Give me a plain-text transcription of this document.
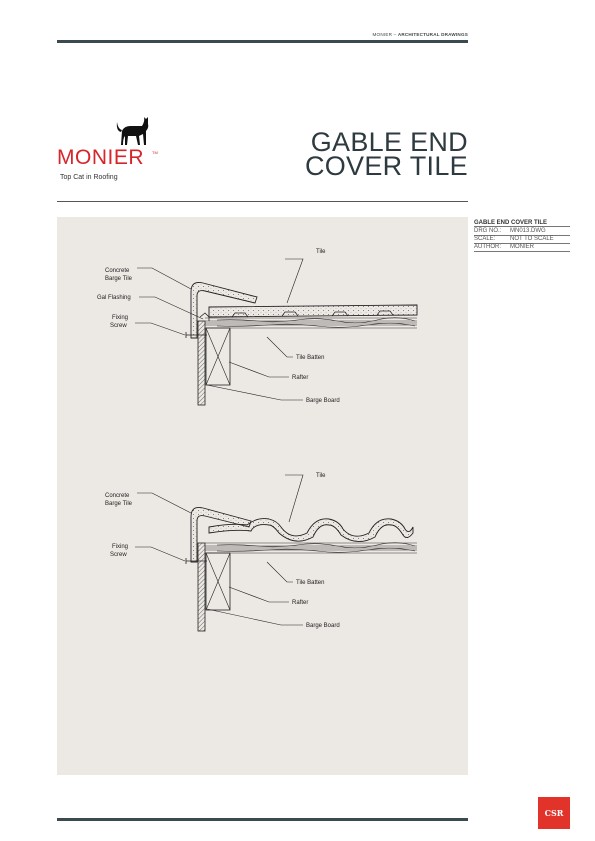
MONIER – ARCHITECTURAL DRAWINGS
MONIER TM
Top Cat in Roofing
GABLE END
COVER TILE
Concrete
Barge Tile
Gal Flashing
Fixing
Screw
Tile
Tile Batten
Rafter
Barge Board
Concrete
Barge Tile
Fixing
Screw
Tile
Tile Batten
Rafter
Barge Board
GABLE END COVER TILE
DRG NO.:	MN013.DWG
SCALE:	NOT TO SCALE
AUTHOR:	MONIER
CSR
